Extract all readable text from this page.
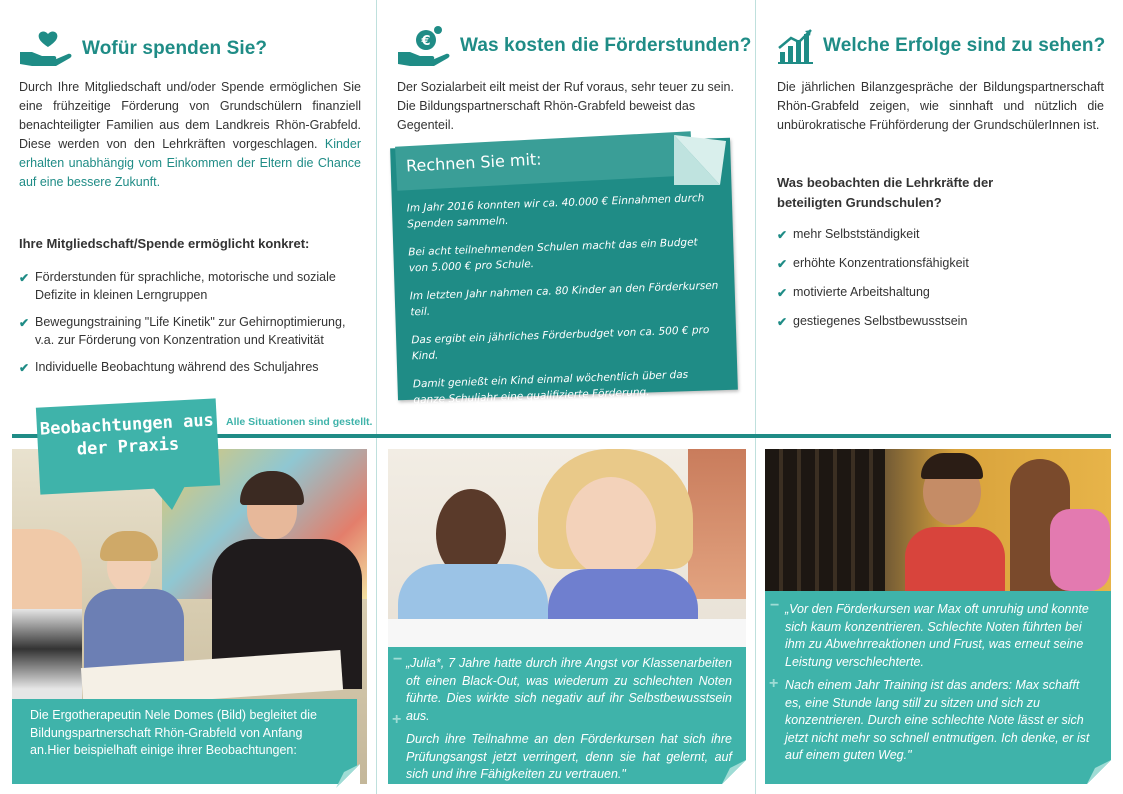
Wofür spenden Sie?

Durch Ihre Mitgliedschaft und/oder Spende ermöglichen Sie eine frühzeitige Förderung von Grundschülern finanziell benachteiligter Familien aus dem Landkreis Rhön-Grabfeld. Diese werden von den Lehrkräften vorgeschlagen. Kinder erhalten unabhängig vom Einkommen der Eltern die Chance auf eine bessere Zukunft.

Ihre Mitgliedschaft/Spende ermöglicht konkret:
✔ Förderstunden für sprachliche, motorische und soziale Defizite in kleinen Lerngruppen
✔ Bewegungstraining "Life Kinetik" zur Gehirnoptimierung, v.a. zur Förderung von Konzentration und Kreativität
✔ Individuelle Beobachtung während des Schuljahres
€ Was kosten die Förderstunden?

Der Sozialarbeit eilt meist der Ruf voraus, sehr teuer zu sein. Die Bildungspartnerschaft Rhön-Grabfeld beweist das Gegenteil.

Rechnen Sie mit:
Im Jahr 2016 konnten wir ca. 40.000 € Einnahmen durch Spenden sammeln.
Bei acht teilnehmenden Schulen macht das ein Budget von 5.000 € pro Schule.
Im letzten Jahr nahmen ca. 80 Kinder an den Förderkursen teil.
Das ergibt ein jährliches Förderbudget von ca. 500 € pro Kind.
Damit genießt ein Kind einmal wöchentlich über das ganze Schuljahr eine qualifizierte Förderung.
Welche Erfolge sind zu sehen?

Die jährlichen Bilanzgespräche der Bildungspartnerschaft Rhön-Grabfeld zeigen, wie sinnhaft und nützlich die unbürokratische Frühförderung der GrundschülerInnen ist.

Was beobachten die Lehrkräfte der beteiligten Grundschulen?
✔ mehr Selbstständigkeit
✔ erhöhte Konzentrationsfähigkeit
✔ motivierte Arbeitshaltung
✔ gestiegenes Selbstbewusstsein
Alle Situationen sind gestellt.
Beobachtungen aus der Praxis
Die Ergotherapeutin Nele Domes (Bild) begleitet die Bildungspartnerschaft Rhön-Grabfeld von Anfang an.Hier beispielhaft einige ihrer Beobachtungen:
− „Julia*, 7 Jahre hatte durch ihre Angst vor Klassenarbeiten oft einen Black-Out, was wiederum zu schlechten Noten führte. Dies wirkte sich negativ auf ihr Selbstbewusstsein aus.

+

Durch ihre Teilnahme an den Förderkursen hat sich ihre Prüfungsangst jetzt verringert, denn sie hat gelernt, auf sich und ihre Fähigkeiten zu vertrauen."

− „Vor den Förderkursen war Max oft unruhig und konnte sich kaum konzentrieren. Schlechte Noten führten bei ihm zu Abwehrreaktionen und Frust, was erneut seine Leistung verschlechterte.

+ Nach einem Jahr Training ist das anders: Max schafft es, eine Stunde lang still zu sitzen und sich zu konzentrieren. Durch eine schlechte Note lässt er sich jetzt nicht mehr so schnell entmutigen. Ich denke, er ist auf einem guten Weg."
